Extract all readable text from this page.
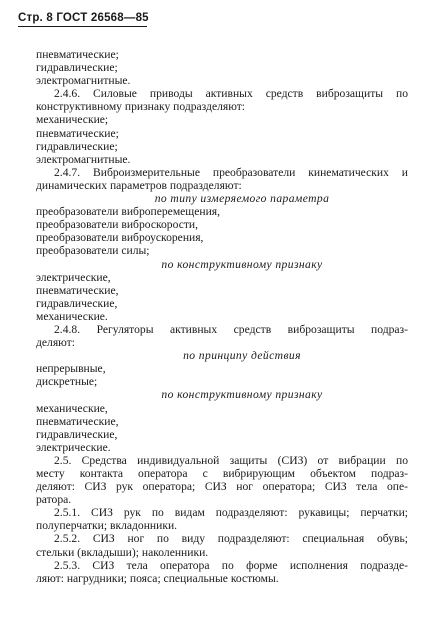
Стр. 8 ГОСТ 26568—85
пневматические;
гидравлические;
электромагнитные.
2.4.6. Силовые приводы активных средств виброзащиты по
конструктивному признаку подразделяют:
механические;
пневматические;
гидравлические;
электромагнитные.
2.4.7. Виброизмерительные преобразователи кинематических и
динамических параметров подразделяют:
по типу измеряемого параметра
преобразователи виброперемещения,
преобразователи виброскорости,
преобразователи виброускорения,
преобразователи силы;
по конструктивному признаку
электрические,
пневматические,
гидравлические,
механические.
2.4.8. Регуляторы активных средств виброзащиты подраз-
деляют:
по принципу действия
непрерывные,
дискретные;
по конструктивному признаку
механические,
пневматические,
гидравлические,
электрические.
2.5. Средства индивидуальной защиты (СИЗ) от вибрации по
месту контакта оператора с вибрирующим объектом подраз-
деляют: СИЗ рук оператора; СИЗ ног оператора; СИЗ тела опе-
ратора.
2.5.1. СИЗ рук по видам подразделяют: рукавицы; перчатки;
полуперчатки; вкладонники.
2.5.2. СИЗ ног по виду подразделяют: специальная обувь;
стельки (вкладыши); наколенники.
2.5.3. СИЗ тела оператора по форме исполнения подразде-
ляют: нагрудники; пояса; специальные костюмы.
